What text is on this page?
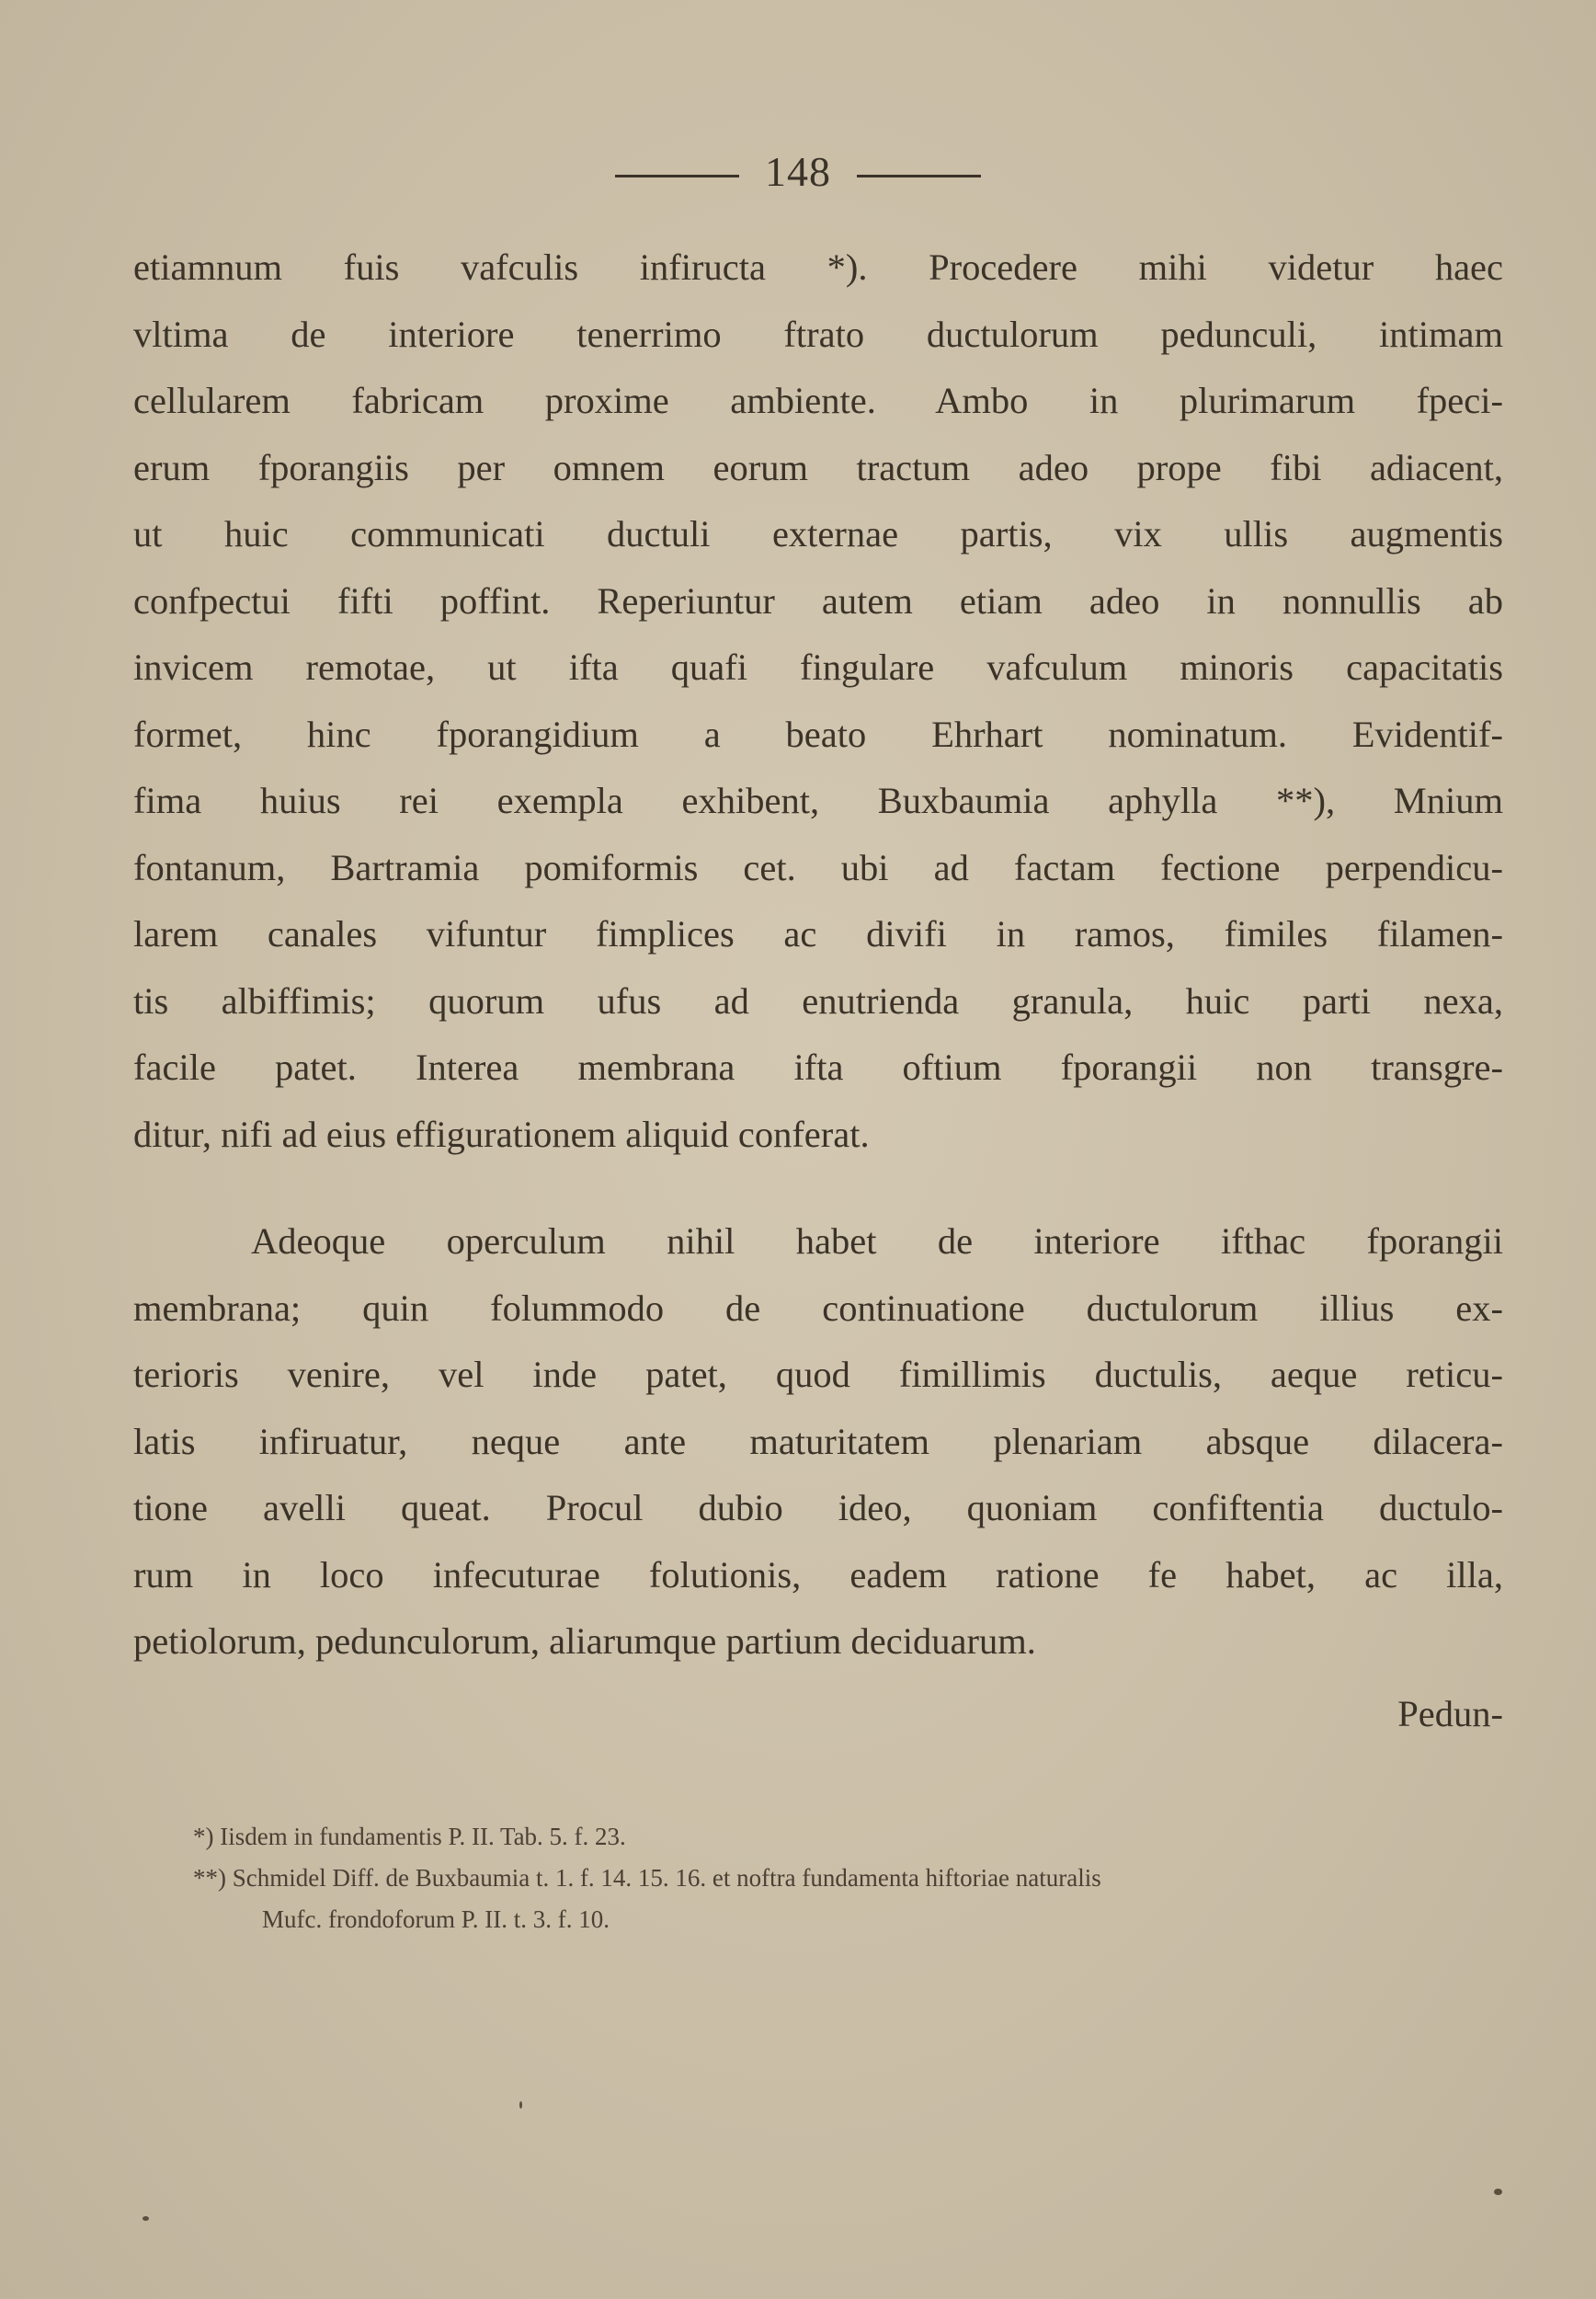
148

etiamnum fuis vafculis infiructa *). Procedere mihi videtur haec
vltima de interiore tenerrimo ftrato ductulorum pedunculi, intimam
cellularem fabricam proxime ambiente. Ambo in plurimarum fpeci-
erum fporangiis per omnem eorum tractum adeo prope fibi adiacent,
ut huic communicati ductuli externae partis, vix ullis augmentis
confpectui fifti poffint. Reperiuntur autem etiam adeo in nonnullis ab
invicem remotae, ut ifta quafi fingulare vafculum minoris capacitatis
formet, hinc fporangidium a beato Ehrhart nominatum. Evidentif-
fima huius rei exempla exhibent, Buxbaumia aphylla **), Mnium
fontanum, Bartramia pomiformis cet. ubi ad factam fectione perpendicu-
larem canales vifuntur fimplices ac divifi in ramos, fimiles filamen-
tis albiffimis; quorum ufus ad enutrienda granula, huic parti nexa,
facile patet. Interea membrana ifta oftium fporangii non transgre-
ditur, nifi ad eius effigurationem aliquid conferat.

Adeoque operculum nihil habet de interiore ifthac fporangii
membrana; quin folummodo de continuatione ductulorum illius ex-
terioris venire, vel inde patet, quod fimillimis ductulis, aeque reticu-
latis infiruatur, neque ante maturitatem plenariam absque dilacera-
tione avelli queat. Procul dubio ideo, quoniam confiftentia ductulo-
rum in loco infecuturae folutionis, eadem ratione fe habet, ac illa,
petiolorum, pedunculorum, aliarumque partium deciduarum.

Pedun-
*) Iisdem in fundamentis P. II. Tab. 5. f. 23.
**) Schmidel Diff. de Buxbaumia t. 1. f. 14. 15. 16. et noftra fundamenta hiftoriae naturalis
Mufc. frondoforum P. II. t. 3. f. 10.
